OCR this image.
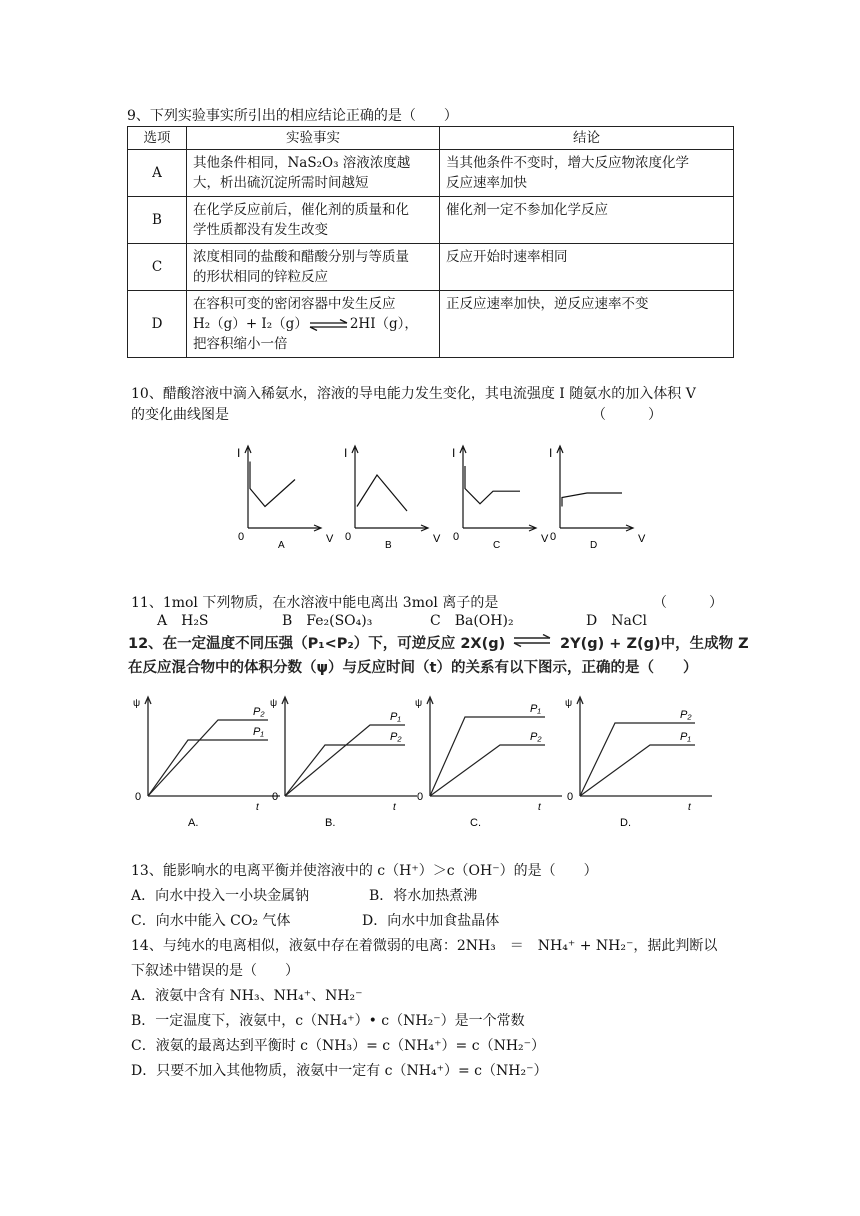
9、下列实验事实所引出的相应结论正确的是（　　）
选项	实验事实	结论
A	其他条件相同，NaS₂O₃ 溶液浓度越
大，析出硫沉淀所需时间越短	当其他条件不变时，增大反应物浓度化学
反应速率加快
B	在化学反应前后，催化剂的质量和化
学性质都没有发生改变	催化剂一定不参加化学反应
C	浓度相同的盐酸和醋酸分别与等质量
的形状相同的锌粒反应	反应开始时速率相同
D	在容积可变的密闭容器中发生反应
H₂（g）+ I₂（g）⇌2HI（g），
把容积缩小一倍	正反应速率加快，逆反应速率不变
10、醋酸溶液中滴入稀氨水，溶液的导电能力发生变化，其电流强度 I 随氨水的加入体积 V
的变化曲线图是	（　　　）
I
V
0
A
I
V
0
B
I
V
0
C
I
V
0
D
11、1mol 下列物质，在水溶液中能电离出 3mol 离子的是	（　　　）
A　H₂S	B　Fe₂(SO₄)₃	C　Ba(OH)₂	D　NaCl
12、在一定温度不同压强（P₁<P₂）下，可逆反应 2X(g) ⇌ 2Y(g) + Z(g)中，生成物 Z
在反应混合物中的体积分数（ψ）与反应时间（t）的关系有以下图示，正确的是（　　）
ψ
t
0
A.
P₂
P₁
ψ
t
0
B.
P₁
P₂
ψ
t
0
C.
P₁
P₂
ψ
t
0
D.
P₂
P₁
13、能影响水的电离平衡并使溶液中的 c（H⁺）＞c（OH⁻）的是（　　）
A．向水中投入一小块金属钠	B．将水加热煮沸
C．向水中能入 CO₂ 气体	D．向水中加食盐晶体
14、与纯水的电离相似，液氨中存在着微弱的电离：2NH₃　＝　NH₄⁺ + NH₂⁻，据此判断以
下叙述中错误的是（　　）
A．液氨中含有 NH₃、NH₄⁺、NH₂⁻
B．一定温度下，液氨中，c（NH₄⁺）• c（NH₂⁻）是一个常数
C．液氨的最离达到平衡时 c（NH₃）= c（NH₄⁺）= c（NH₂⁻）
D．只要不加入其他物质，液氨中一定有 c（NH₄⁺）= c（NH₂⁻）
